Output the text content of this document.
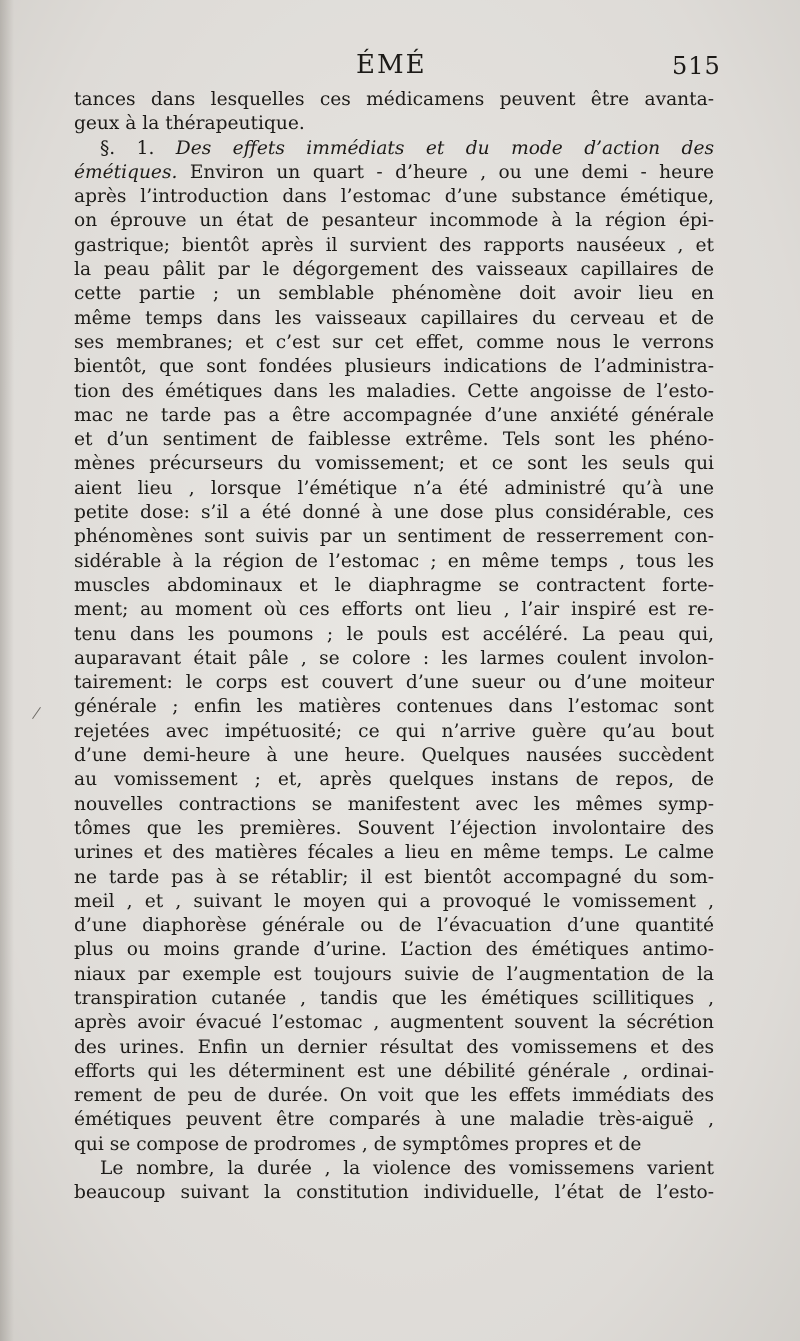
ÉMÉ	515
tances dans lesquelles ces médicamens peuvent être avanta-
geux à la thérapeutique.
§. 1. Des effets immédiats et du mode d’action des
émétiques. Environ un quart - d’heure , ou une demi - heure
après l’introduction dans l’estomac d’une substance émétique,
on éprouve un état de pesanteur incommode à la région épi-
gastrique; bientôt après il survient des rapports nauséeux , et
la peau pâlit par le dégorgement des vaisseaux capillaires de
cette partie ; un semblable phénomène doit avoir lieu en
même temps dans les vaisseaux capillaires du cerveau et de
ses membranes; et c’est sur cet effet, comme nous le verrons
bientôt, que sont fondées plusieurs indications de l’administra-
tion des émétiques dans les maladies. Cette angoisse de l’esto-
mac ne tarde pas a être accompagnée d’une anxiété générale
et d’un sentiment de faiblesse extrême. Tels sont les phéno-
mènes précurseurs du vomissement; et ce sont les seuls qui
aient lieu , lorsque l’émétique n’a été administré qu’à une
petite dose: s’il a été donné à une dose plus considérable, ces
phénomènes sont suivis par un sentiment de resserrement con-
sidérable à la région de l’estomac ; en même temps , tous les
muscles abdominaux et le diaphragme se contractent forte-
ment; au moment où ces efforts ont lieu , l’air inspiré est re-
tenu dans les poumons ; le pouls est accéléré. La peau qui,
auparavant était pâle , se colore : les larmes coulent involon-
tairement: le corps est couvert d’une sueur ou d’une moiteur
générale ; enfin les matières contenues dans l’estomac sont
rejetées avec impétuosité; ce qui n’arrive guère qu’au bout
d’une demi-heure à une heure. Quelques nausées succèdent
au vomissement ; et, après quelques instans de repos, de
nouvelles contractions se manifestent avec les mêmes symp-
tômes que les premières. Souvent l’éjection involontaire des
urines et des matières fécales a lieu en même temps. Le calme
ne tarde pas à se rétablir; il est bientôt accompagné du som-
meil , et , suivant le moyen qui a provoqué le vomissement ,
d’une diaphorèse générale ou de l’évacuation d’une quantité
plus ou moins grande d’urine. L’action des émétiques antimo-
niaux par exemple est toujours suivie de l’augmentation de la
transpiration cutanée , tandis que les émétiques scillitiques ,
après avoir évacué l’estomac , augmentent souvent la sécrétion
des urines. Enfin un dernier résultat des vomissemens et des
efforts qui les déterminent est une débilité générale , ordinai-
rement de peu de durée. On voit que les effets immédiats des
émétiques peuvent être comparés à une maladie très-aiguë ,
qui se compose de prodromes , de symptômes propres et de
Le nombre, la durée , la violence des vomissemens varient
beaucoup suivant la constitution individuelle, l’état de l’esto-
